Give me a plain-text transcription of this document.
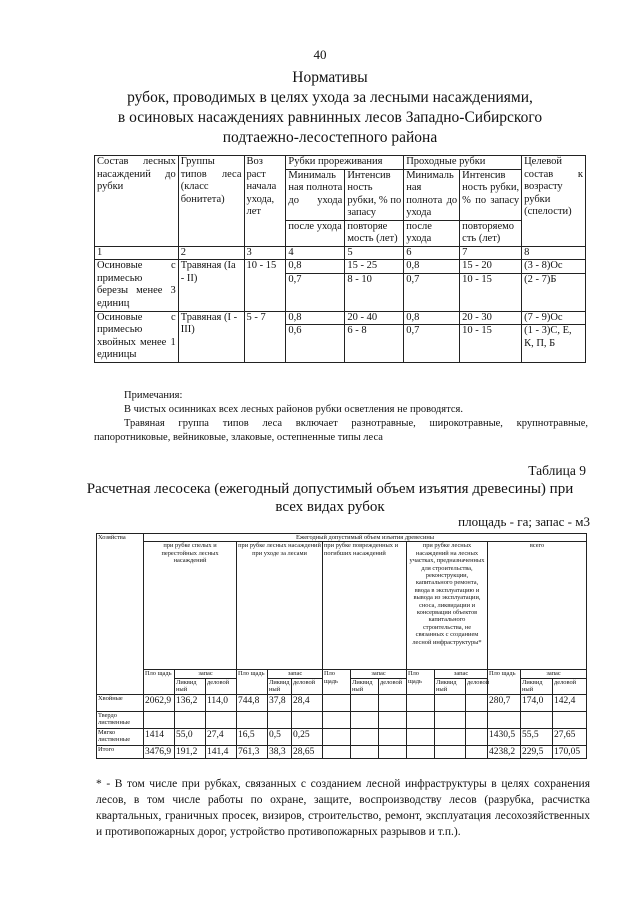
40
Нормативы
рубок, проводимых в целях ухода за лесными насаждениями,
в осиновых насаждениях равнинных лесов Западно-Сибирского
подтаежно-лесостепного района
Состав лесных насаждений до рубки	Группы типов леса (класс бонитета)	Воз раст начала ухода, лет	Рубки прореживания		Проходные рубки		Целевой состав к возрасту рубки (спелости)
			Минималь ная полнота до ухода	Интенсив ность рубки, % по запасу	Минималь ная полнота до ухода	Интенсив ность рубки, % по запасу	
			после ухода	повторяе мость (лет)	после ухода	повторяемо сть (лет)	
1	2	3	4	5	6	7	8
Осиновые с примесью березы менее 3 единиц	Травяная (Ia - II)	10 - 15	0,8	15 - 25	0,8	15 - 20	(3 - 8)Ос
			0,7	8 - 10	0,7	10 - 15	(2 - 7)Б
Осиновые с примесью хвойных менее 1 единицы	Травяная (I - III)	5 - 7	0,8	20 - 40	0,8	20 - 30	(7 - 9)Ос
			0,6	6 - 8	0,7	10 - 15	(1 - 3)С, Е, К, П, Б
Примечания:
В чистых осинниках всех лесных районов рубки осветления не проводятся.
Травяная группа типов леса включает разнотравные, широкотравные, крупнотравные,
папоротниковые, вейниковые, злаковые, остепненные типы леса
Таблица 9
Расчетная лесосека (ежегодный допустимый объем изъятия древесины) при
всех видах рубок
площадь - га; запас - м3
Хозяйства	Ежегодный допустимый объем изъятия древесины														
	при рубке спелых и перестойных лесных насаждений			при рубке лесных насаждений при уходе за лесами			при рубке поврежденных и погибших насаждений			при рубке лесных насаждений на лесных участках, предназначенных для строительства, реконструкции, капитального ремонта, ввода в эксплуатацию и вывода из эксплуатации, сноса, ликвидации и консервации объектов капитального строительства, не связанных с созданием лесной инфраструктуры*			всего		
	Пло щадь	запас		Пло щадь	запас		Пло щадь	запас		Пло щадь	запас		Пло щадь	запас	
		Ликвид ный	деловой		Ликвид ный	деловой		Ликвид ный	деловой		Ликвид ный	деловой		Ликвид ный	деловой
Хвойные	2062,9	136,2	114,0	744,8	37,8	28,4							280,7	174,0	142,4
Твердо лиственные															
Мягко лиственные	1414	55,0	27,4	16,5	0,5	0,25							1430,5	55,5	27,65
Итого	3476,9	191,2	141,4	761,3	38,3	28,65							4238,2	229,5	170,05
* - В том числе при рубках, связанных с созданием лесной инфраструктуры в целях сохранения лесов, в том числе работы по охране, защите, воспроизводству лесов (разрубка, расчистка квартальных, граничных просек, визиров, строительство, ремонт, эксплуатация лесохозяйственных и противопожарных дорог, устройство противопожарных разрывов и т.п.).
